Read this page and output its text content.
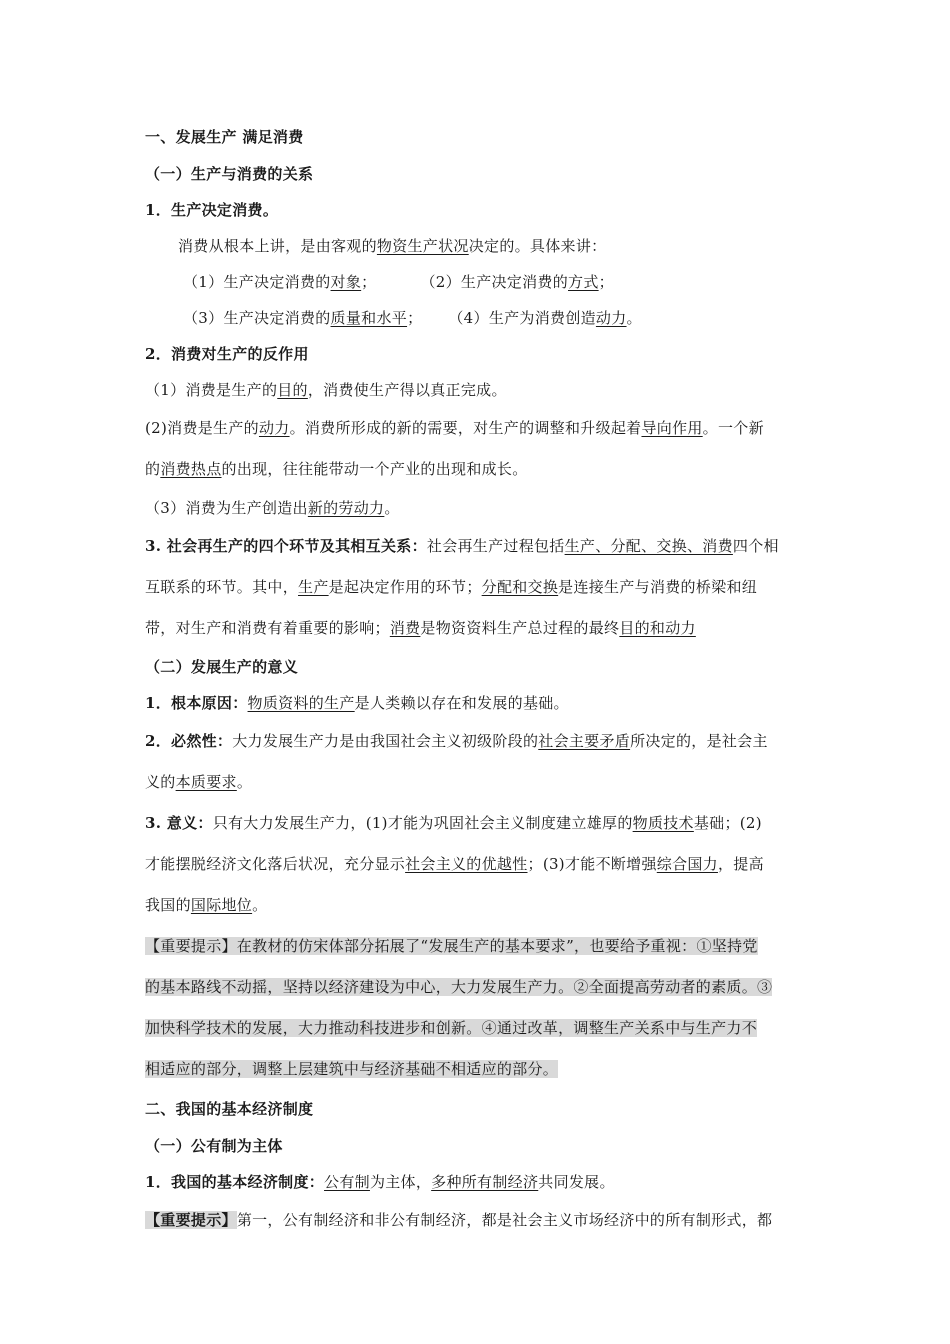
一、发展生产 满足消费

（一）生产与消费的关系

1．生产决定消费。

消费从根本上讲，是由客观的物资生产状况决定的。具体来讲：

（1）生产决定消费的对象；	（2）生产决定消费的方式；

（3）生产决定消费的质量和水平； （4）生产为消费创造动力。

2．消费对生产的反作用

（1）消费是生产的目的，消费使生产得以真正完成。

(2)消费是生产的动力。消费所形成的新的需要，对生产的调整和升级起着导向作用。一个新

的消费热点的出现，往往能带动一个产业的出现和成长。

（3）消费为生产创造出新的劳动力。

3. 社会再生产的四个环节及其相互关系：社会再生产过程包括生产、分配、交换、消费四个相

互联系的环节。其中，生产是起决定作用的环节；分配和交换是连接生产与消费的桥梁和纽

带，对生产和消费有着重要的影响；消费是物资资料生产总过程的最终目的和动力

（二）发展生产的意义

1．根本原因：物质资料的生产是人类赖以存在和发展的基础。

2．必然性：大力发展生产力是由我国社会主义初级阶段的社会主要矛盾所决定的，是社会主

义的本质要求。

3. 意义：只有大力发展生产力，(1)才能为巩固社会主义制度建立雄厚的物质技术基础；(2)

才能摆脱经济文化落后状况，充分显示社会主义的优越性；(3)才能不断增强综合国力，提高

我国的国际地位。

【重要提示】在教材的仿宋体部分拓展了“发展生产的基本要求”，也要给予重视：①坚持党

的基本路线不动摇，坚持以经济建设为中心，大力发展生产力。②全面提高劳动者的素质。③

加快科学技术的发展，大力推动科技进步和创新。④通过改革，调整生产关系中与生产力不

相适应的部分，调整上层建筑中与经济基础不相适应的部分。

二、我国的基本经济制度

（一）公有制为主体

1．我国的基本经济制度：公有制为主体，多种所有制经济共同发展。

【重要提示】第一，公有制经济和非公有制经济，都是社会主义市场经济中的所有制形式，都
